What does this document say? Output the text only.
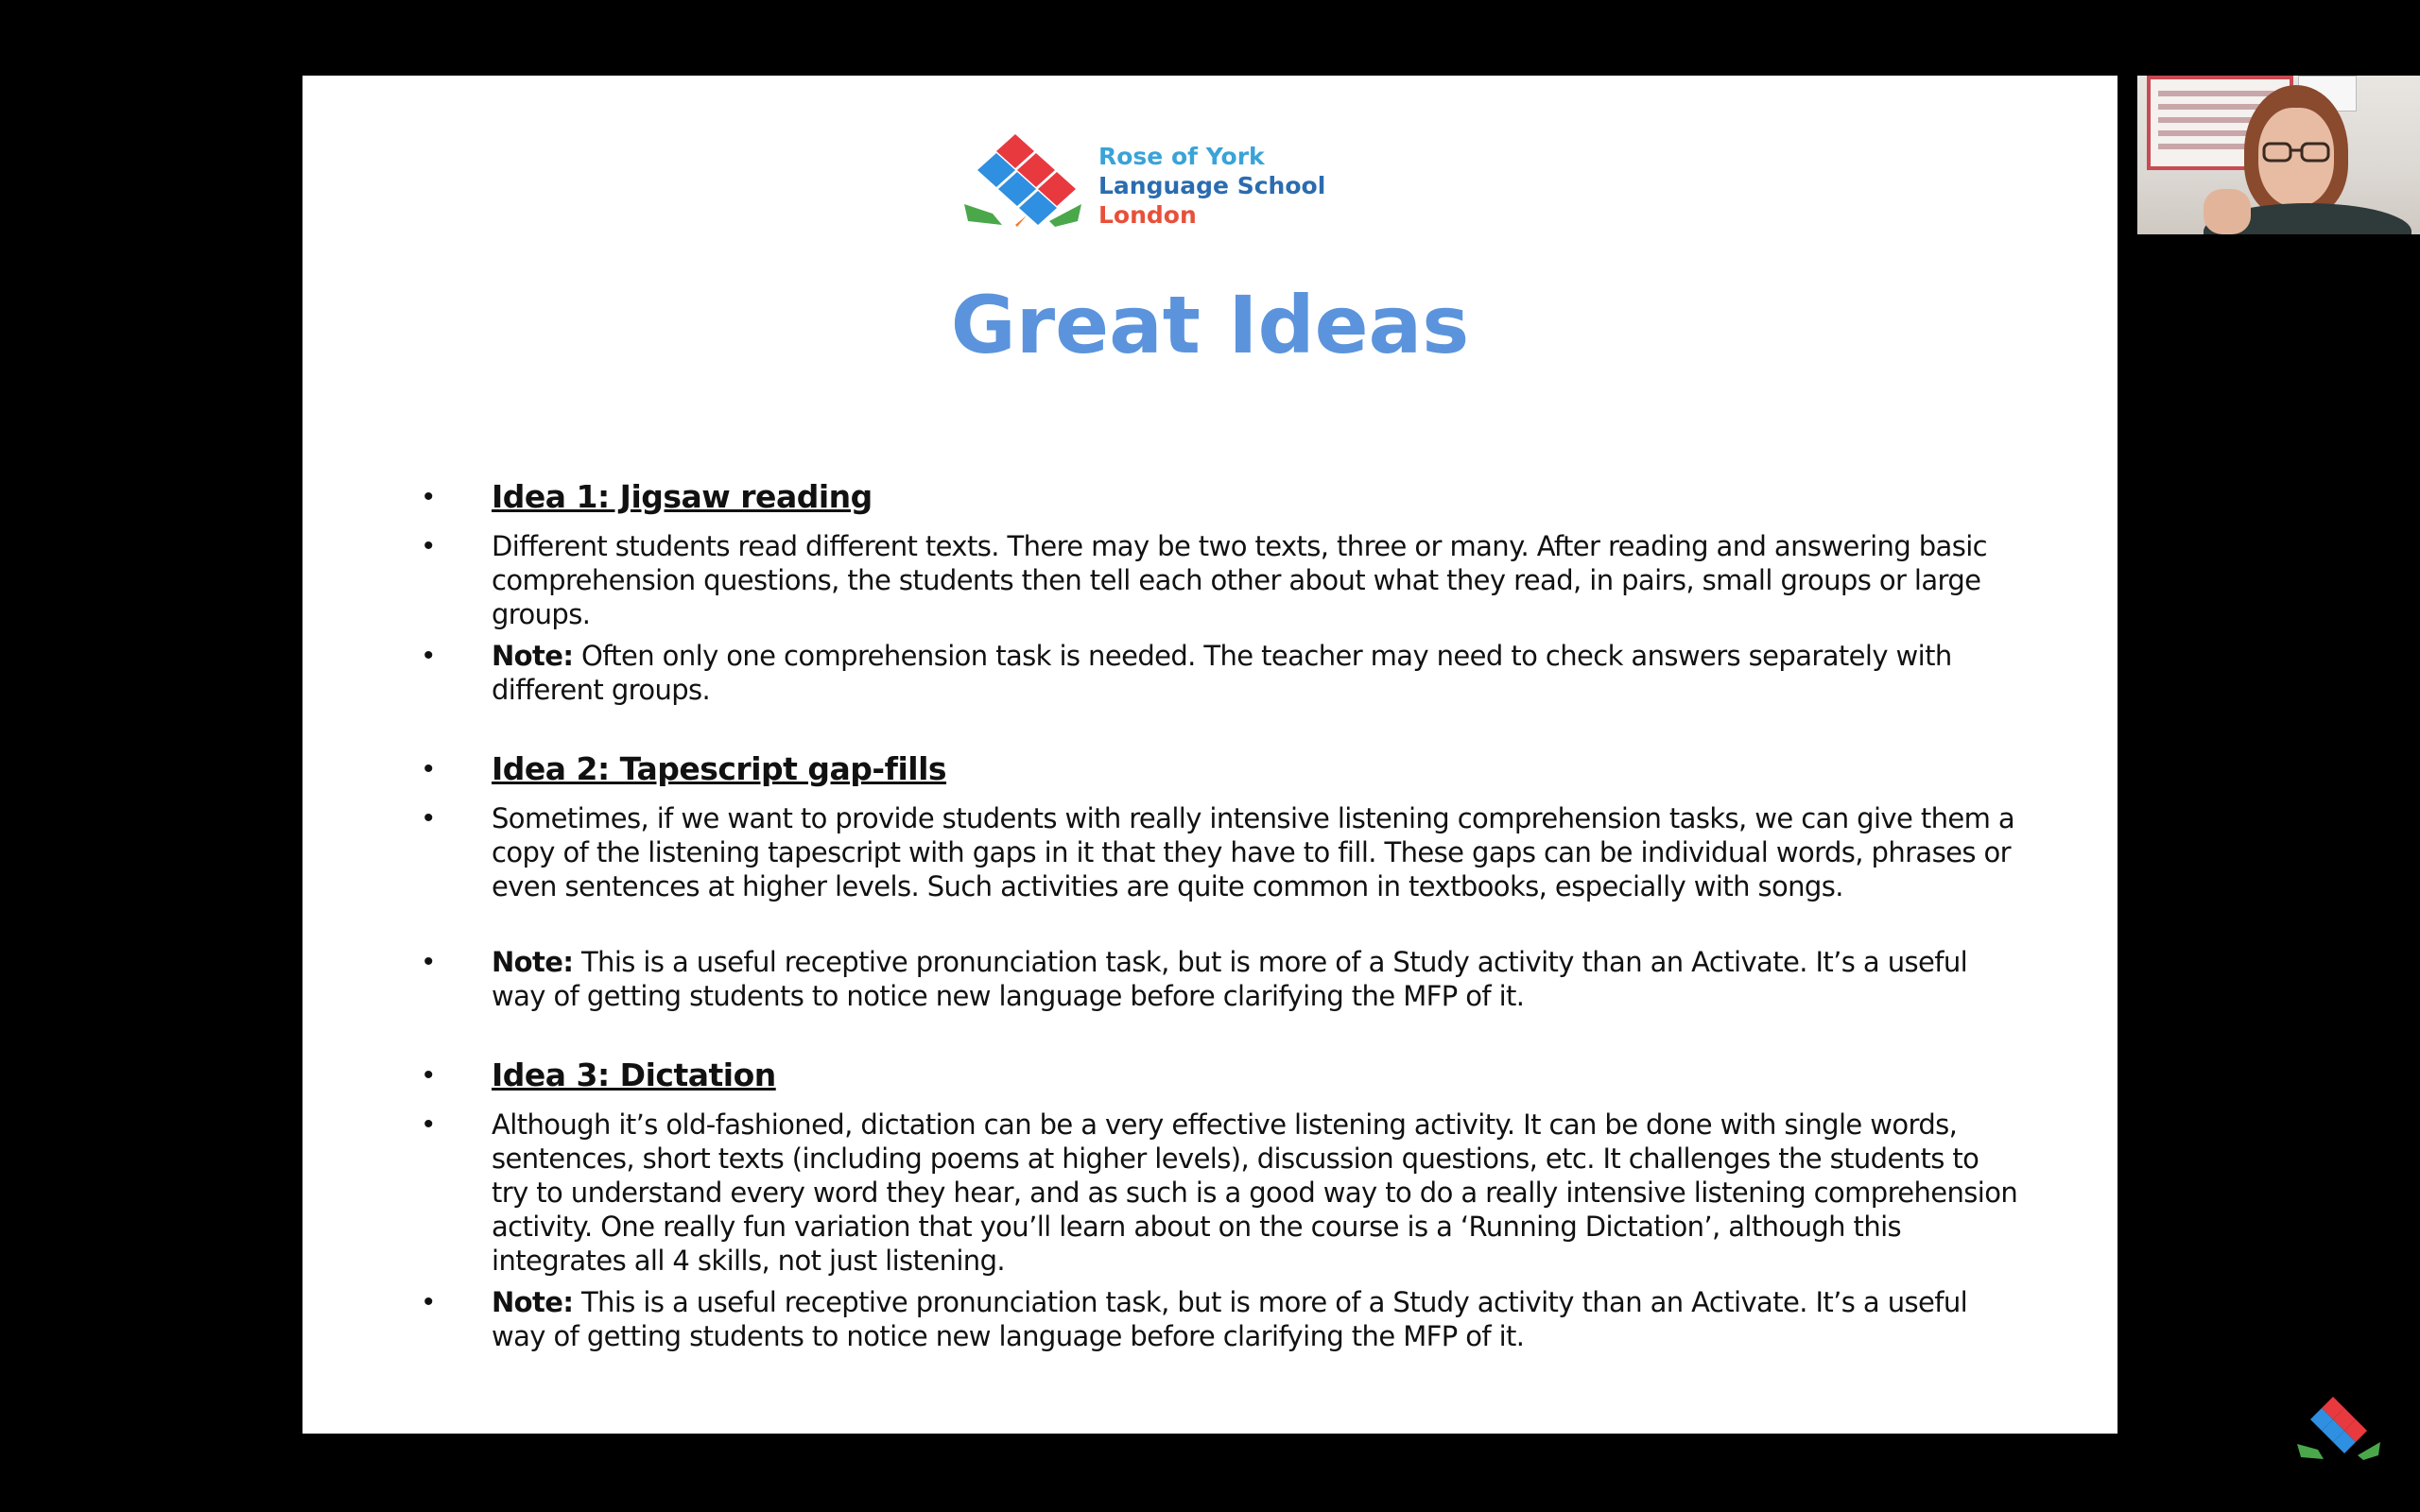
Rose of York
Language School
London
Great Ideas
•	Idea 1: Jigsaw reading
•	Different students read different texts. There may be two texts, three or many. After reading and answering basic comprehension questions, the students then tell each other about what they read, in pairs, small groups or large groups.
•	Note: Often only one comprehension task is needed. The teacher may need to check answers separately with different groups.
•	Idea 2: Tapescript gap-fills
•	Sometimes, if we want to provide students with really intensive listening comprehension tasks, we can give them a copy of the listening tapescript with gaps in it that they have to fill. These gaps can be individual words, phrases or even sentences at higher levels. Such activities are quite common in textbooks, especially with songs.
•	Note: This is a useful receptive pronunciation task, but is more of a Study activity than an Activate. It’s a useful way of getting students to notice new language before clarifying the MFP of it.
•	Idea 3: Dictation
•	Although it’s old-fashioned, dictation can be a very effective listening activity. It can be done with single words, sentences, short texts (including poems at higher levels), discussion questions, etc. It challenges the students to try to understand every word they hear, and as such is a good way to do a really intensive listening comprehension activity. One really fun variation that you’ll learn about on the course is a ‘Running Dictation’, although this integrates all 4 skills, not just listening.
•	Note: This is a useful receptive pronunciation task, but is more of a Study activity than an Activate. It’s a useful way of getting students to notice new language before clarifying the MFP of it.
